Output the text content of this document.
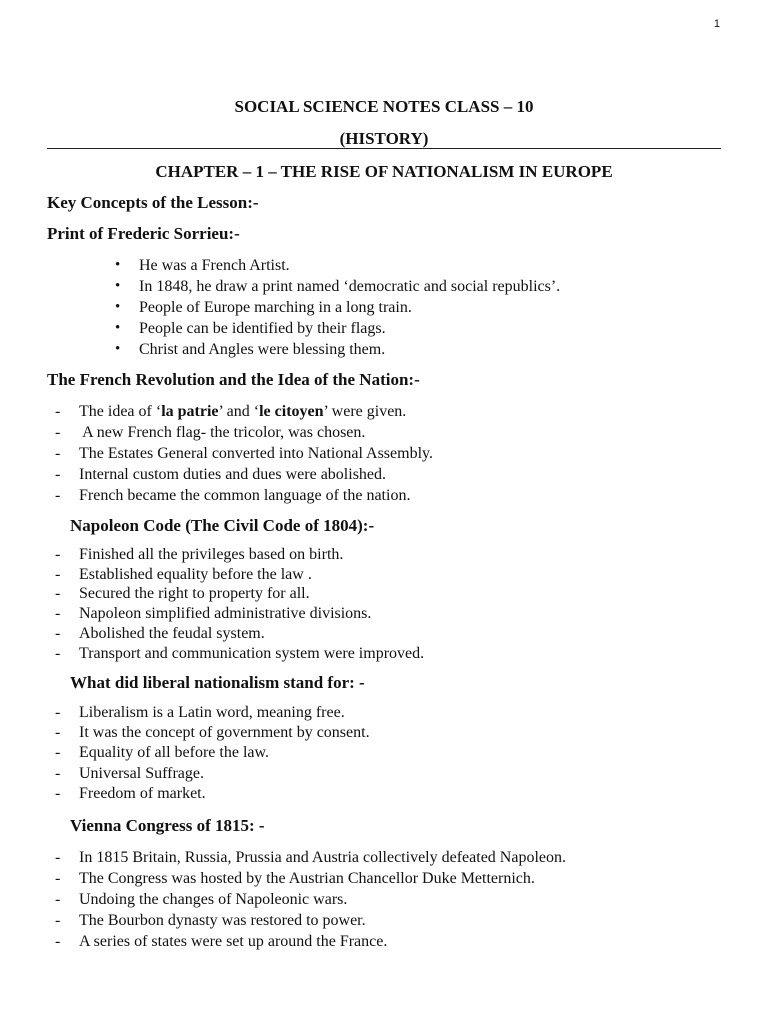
1
SOCIAL SCIENCE NOTES CLASS – 10
(HISTORY)
CHAPTER – 1 – THE RISE OF NATIONALISM IN EUROPE
Key Concepts of the Lesson:-
Print of Frederic Sorrieu:-
• He was a French Artist.
• In 1848, he draw a print named ‘democratic and social republics’.
• People of Europe marching in a long train.
• People can be identified by their flags.
• Christ and Angles were blessing them.
The French Revolution and the Idea of the Nation:-
- The idea of ‘la patrie’ and ‘le citoyen’ were given.
- A new French flag- the tricolor, was chosen.
- The Estates General converted into National Assembly.
- Internal custom duties and dues were abolished.
- French became the common language of the nation.
Napoleon Code (The Civil Code of 1804):-
- Finished all the privileges based on birth.
- Established equality before the law .
- Secured the right to property for all.
- Napoleon simplified administrative divisions.
- Abolished the feudal system.
- Transport and communication system were improved.
What did liberal nationalism stand for: -
- Liberalism is a Latin word, meaning free.
- It was the concept of government by consent.
- Equality of all before the law.
- Universal Suffrage.
- Freedom of market.
Vienna Congress of 1815: -
- In 1815 Britain, Russia, Prussia and Austria collectively defeated Napoleon.
- The Congress was hosted by the Austrian Chancellor Duke Metternich.
- Undoing the changes of Napoleonic wars.
- The Bourbon dynasty was restored to power.
- A series of states were set up around the France.
